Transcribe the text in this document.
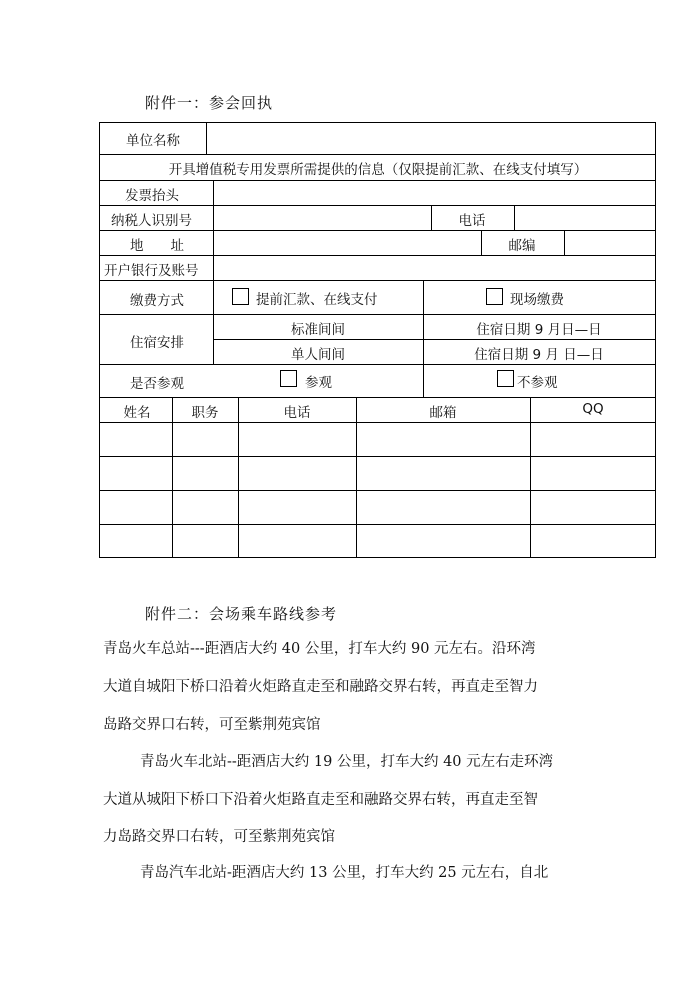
附件一：参会回执
单位名称
开具增值税专用发票所需提供的信息（仅限提前汇款、在线支付填写）
发票抬头
纳税人识别号	电话
地　　址	邮编
开户银行及账号
缴费方式	提前汇款、在线支付	现场缴费
住宿安排
标准间间	住宿日期 9 月日—日
单人间间	住宿日期 9 月 日—日
是否参观	参观	不参观
姓名	职务	电话	邮箱	QQ
附件二：会场乘车路线参考
青岛火车总站---距酒店大约 40 公里，打车大约 90 元左右。沿环湾
大道自城阳下桥口沿着火炬路直走至和融路交界右转，再直走至智力
岛路交界口右转，可至紫荆苑宾馆
青岛火车北站--距酒店大约 19 公里，打车大约 40 元左右走环湾
大道从城阳下桥口下沿着火炬路直走至和融路交界右转，再直走至智
力岛路交界口右转，可至紫荆苑宾馆
青岛汽车北站-距酒店大约 13 公里，打车大约 25 元左右，自北
